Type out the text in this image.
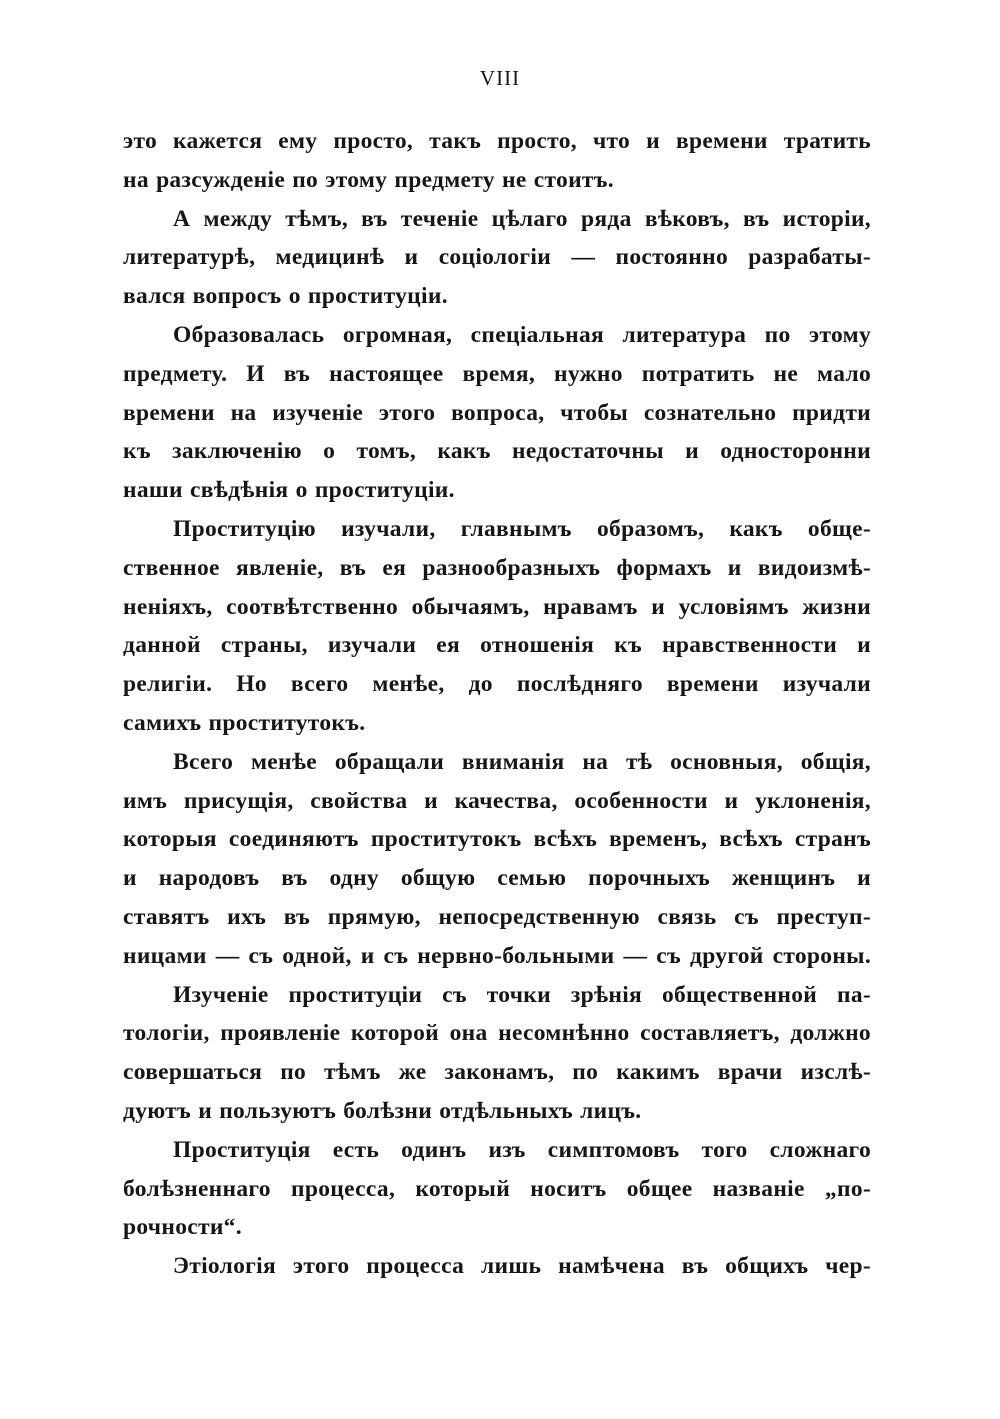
VIII
это кажется ему просто, такъ просто, что и времени тратить
на разсужденіе по этому предмету не стоитъ.
А между тѣмъ, въ теченіе цѣлаго ряда вѣковъ, въ исторіи,
литературѣ, медицинѣ и соціологіи — постоянно разрабаты-
вался вопросъ о проституціи.
Образовалась огромная, спеціальная литература по этому
предмету. И въ настоящее время, нужно потратить не мало
времени на изученіе этого вопроса, чтобы сознательно придти
къ заключенію о томъ, какъ недостаточны и односторонни
наши свѣдѣнія о проституціи.
Проституцію изучали, главнымъ образомъ, какъ обще-
ственное явленіе, въ ея разнообразныхъ формахъ и видоизмѣ-
неніяхъ, соотвѣтственно обычаямъ, нравамъ и условіямъ жизни
данной страны, изучали ея отношенія къ нравственности и
религіи. Но всего менѣе, до послѣдняго времени изучали
самихъ проститутокъ.
Всего менѣе обращали вниманія на тѣ основныя, общія,
имъ присущія, свойства и качества, особенности и уклоненія,
которыя соединяютъ проститутокъ всѣхъ временъ, всѣхъ странъ
и народовъ въ одну общую семью порочныхъ женщинъ и
ставятъ ихъ въ прямую, непосредственную связь съ преступ-
ницами — съ одной, и съ нервно-больными — съ другой стороны.
Изученіе проституціи съ точки зрѣнія общественной па-
тологіи, проявленіе которой она несомнѣнно составляетъ, должно
совершаться по тѣмъ же законамъ, по какимъ врачи изслѣ-
дуютъ и пользуютъ болѣзни отдѣльныхъ лицъ.
Проституція есть одинъ изъ симптомовъ того сложнаго
болѣзненнаго процесса, который носитъ общее названіе „по-
рочности“.
Этіологія этого процесса лишь намѣчена въ общихъ чер-
